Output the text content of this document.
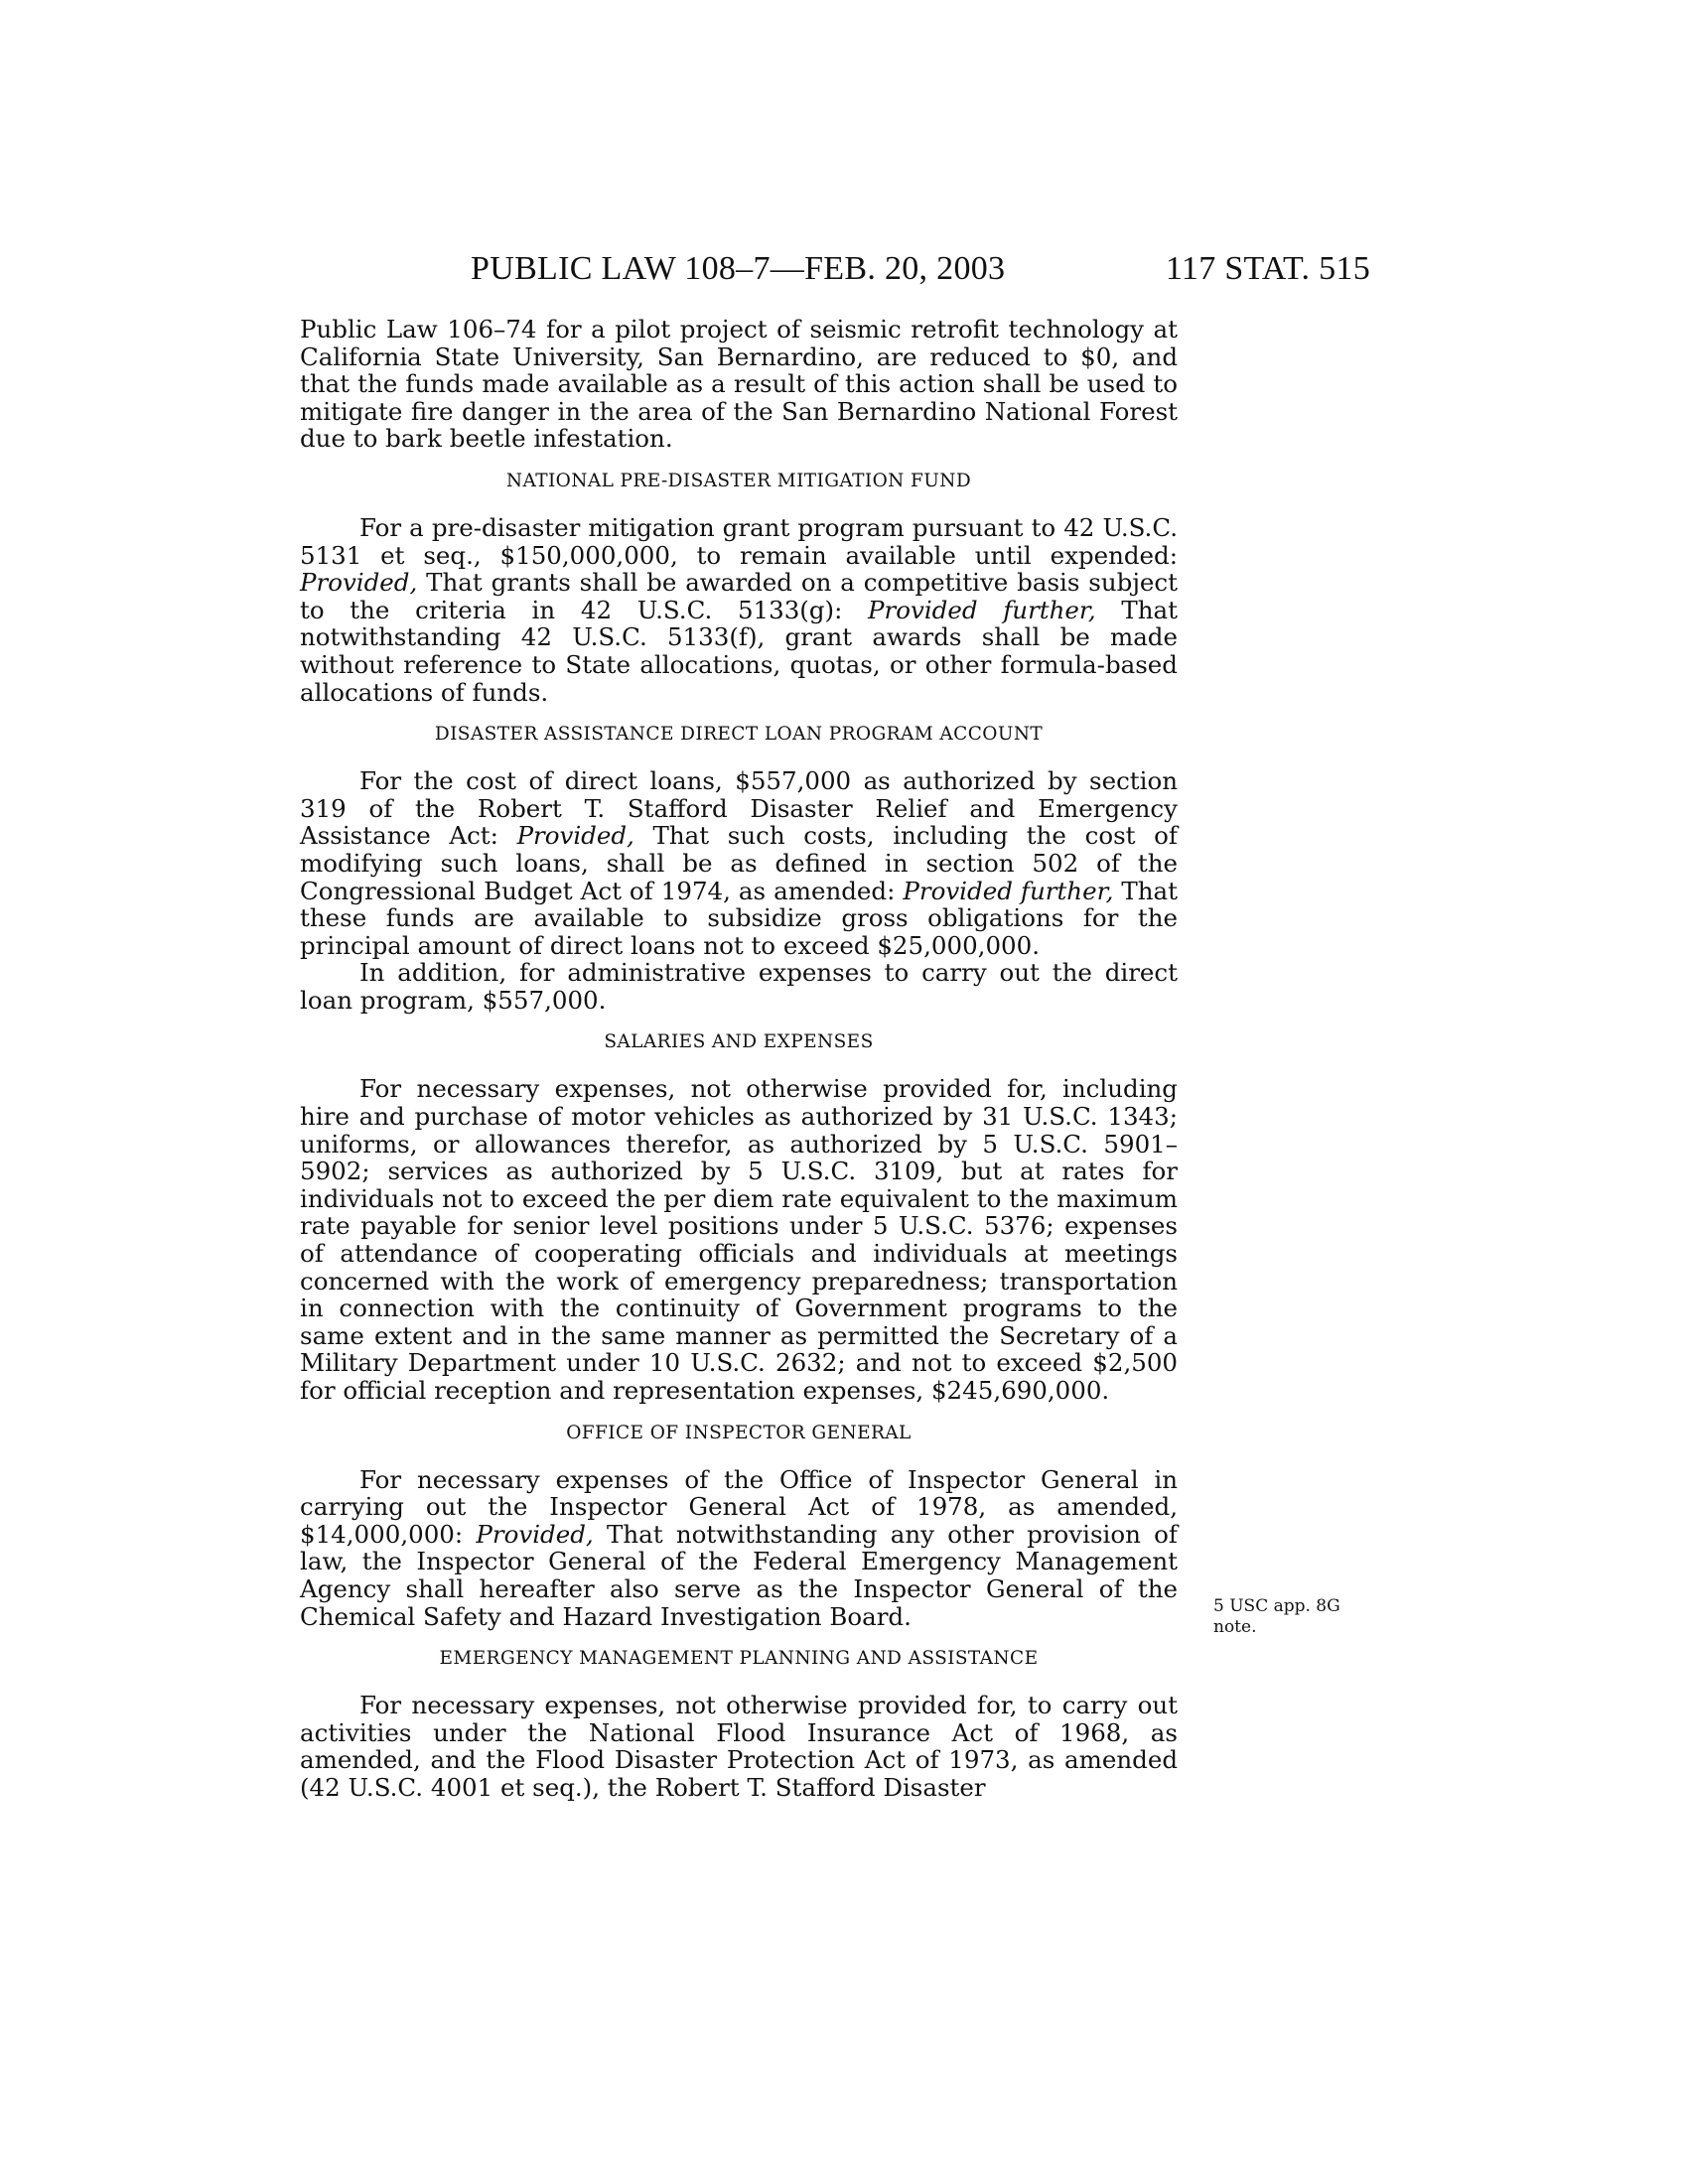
PUBLIC LAW 108–7—FEB. 20, 2003	117 STAT. 515

Public Law 106–74 for a pilot project of seismic retrofit technology at California State University, San Bernardino, are reduced to $0, and that the funds made available as a result of this action shall be used to mitigate fire danger in the area of the San Bernardino National Forest due to bark beetle infestation.

NATIONAL PRE-DISASTER MITIGATION FUND

For a pre-disaster mitigation grant program pursuant to 42 U.S.C. 5131 et seq., $150,000,000, to remain available until expended: Provided, That grants shall be awarded on a competitive basis subject to the criteria in 42 U.S.C. 5133(g): Provided further, That notwithstanding 42 U.S.C. 5133(f), grant awards shall be made without reference to State allocations, quotas, or other formula-based allocations of funds.

DISASTER ASSISTANCE DIRECT LOAN PROGRAM ACCOUNT

For the cost of direct loans, $557,000 as authorized by section 319 of the Robert T. Stafford Disaster Relief and Emergency Assistance Act: Provided, That such costs, including the cost of modifying such loans, shall be as defined in section 502 of the Congressional Budget Act of 1974, as amended: Provided further, That these funds are available to subsidize gross obligations for the principal amount of direct loans not to exceed $25,000,000.

In addition, for administrative expenses to carry out the direct loan program, $557,000.

SALARIES AND EXPENSES

For necessary expenses, not otherwise provided for, including hire and purchase of motor vehicles as authorized by 31 U.S.C. 1343; uniforms, or allowances therefor, as authorized by 5 U.S.C. 5901–5902; services as authorized by 5 U.S.C. 3109, but at rates for individuals not to exceed the per diem rate equivalent to the maximum rate payable for senior level positions under 5 U.S.C. 5376; expenses of attendance of cooperating officials and individuals at meetings concerned with the work of emergency preparedness; transportation in connection with the continuity of Government programs to the same extent and in the same manner as permitted the Secretary of a Military Department under 10 U.S.C. 2632; and not to exceed $2,500 for official reception and representation expenses, $245,690,000.

OFFICE OF INSPECTOR GENERAL

For necessary expenses of the Office of Inspector General in carrying out the Inspector General Act of 1978, as amended, $14,000,000: Provided, That notwithstanding any other provision of law, the Inspector General of the Federal Emergency Management Agency shall hereafter also serve as the Inspector General of the Chemical Safety and Hazard Investigation Board.

EMERGENCY MANAGEMENT PLANNING AND ASSISTANCE

For necessary expenses, not otherwise provided for, to carry out activities under the National Flood Insurance Act of 1968, as amended, and the Flood Disaster Protection Act of 1973, as amended (42 U.S.C. 4001 et seq.), the Robert T. Stafford Disaster

5 USC app. 8G note.
